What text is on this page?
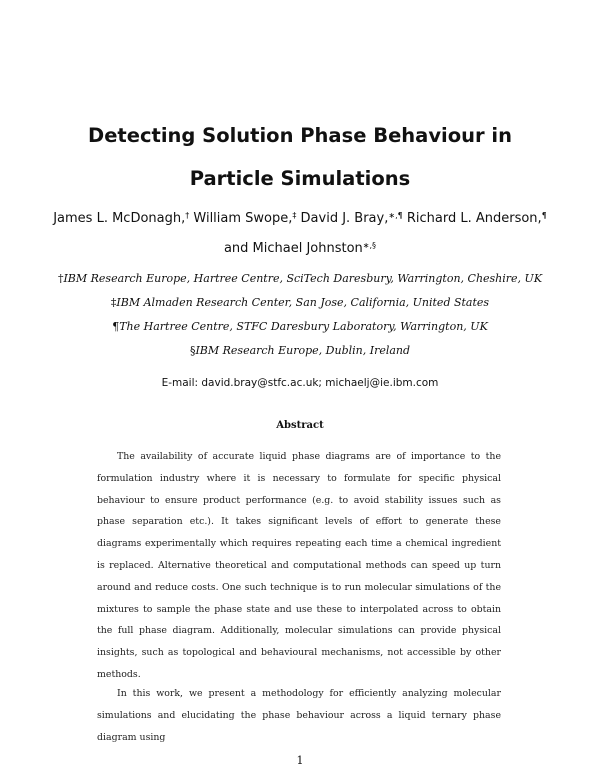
Detecting Solution Phase Behaviour in Particle Simulations
James L. McDonagh,† William Swope,‡ David J. Bray,∗,¶ Richard L. Anderson,¶
and Michael Johnston∗,§
†IBM Research Europe, Hartree Centre, SciTech Daresbury, Warrington, Cheshire, UK
‡IBM Almaden Research Center, San Jose, California, United States
¶The Hartree Centre, STFC Daresbury Laboratory, Warrington, UK
§IBM Research Europe, Dublin, Ireland
E-mail: david.bray@stfc.ac.uk; michaelj@ie.ibm.com
Abstract

The availability of accurate liquid phase diagrams are of importance to the formulation industry where it is necessary to formulate for specific physical behaviour to ensure product performance (e.g. to avoid stability issues such as phase separation etc.). It takes significant levels of effort to generate these diagrams experimentally which requires repeating each time a chemical ingredient is replaced. Alternative theoretical and computational methods can speed up turn around and reduce costs. One such technique is to run molecular simulations of the mixtures to sample the phase state and use these to interpolated across to obtain the full phase diagram. Additionally, molecular simulations can provide physical insights, such as topological and behavioural mechanisms, not accessible by other methods.

In this work, we present a methodology for efficiently analyzing molecular simulations and elucidating the phase behaviour across a liquid ternary phase diagram using

1
